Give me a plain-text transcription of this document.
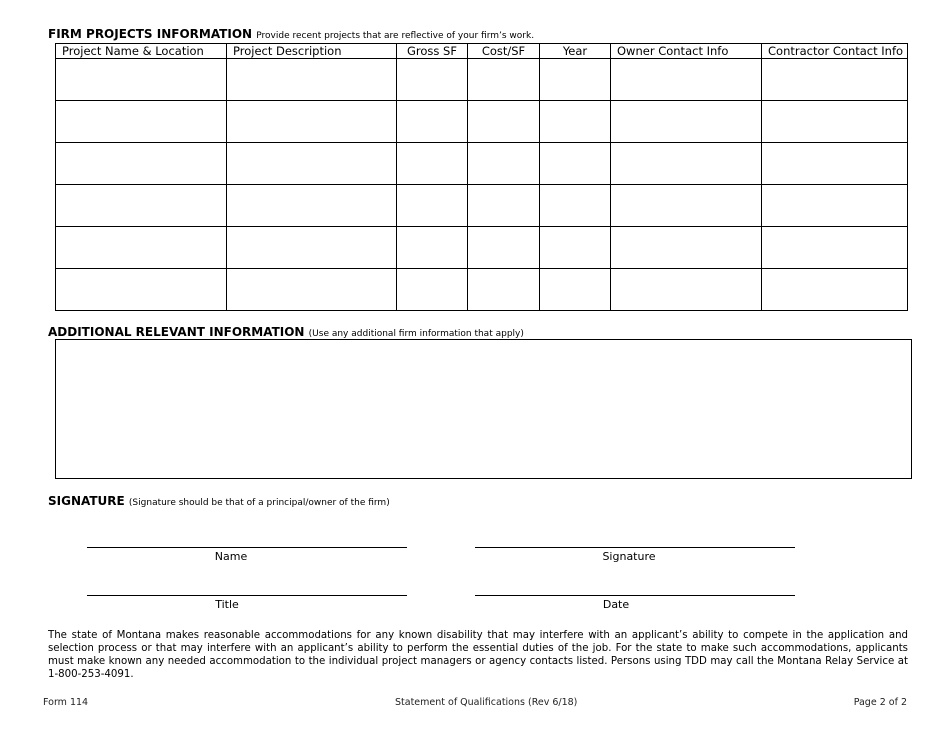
FIRM PROJECTS INFORMATION Provide recent projects that are reflective of your firm’s work.
Project Name & Location	Project Description	Gross SF	Cost/SF	Year	Owner Contact Info	Contractor Contact Info

ADDITIONAL RELEVANT INFORMATION (Use any additional firm information that apply)
SIGNATURE (Signature should be that of a principal/owner of the firm)
Name	Signature
Title	Date
The state of Montana makes reasonable accommodations for any known disability that may interfere with an applicant’s ability to compete in the application and selection process or that may interfere with an applicant’s ability to perform the essential duties of the job. For the state to make such accommodations, applicants must make known any needed accommodation to the individual project managers or agency contacts listed. Persons using TDD may call the Montana Relay Service at 1-800-253-4091.
Form 114	Statement of Qualifications (Rev 6/18)	Page 2 of 2
